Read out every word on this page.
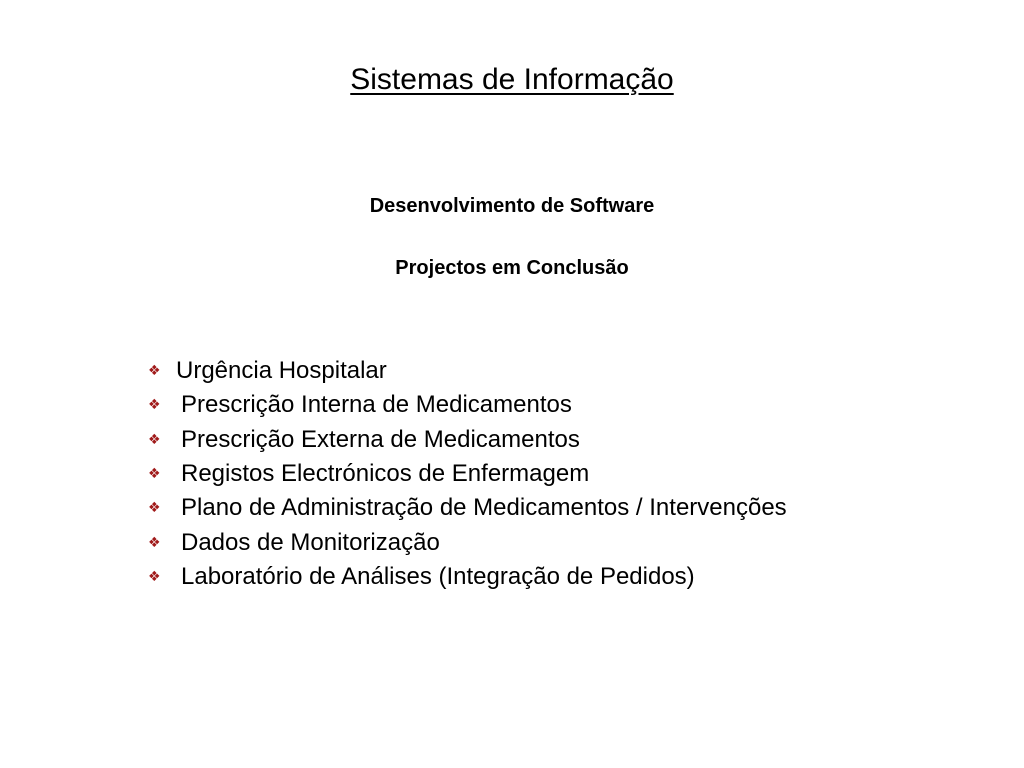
Sistemas de Informação
Desenvolvimento de Software
Projectos em Conclusão
❖ Urgência Hospitalar
❖ Prescrição Interna de Medicamentos
❖ Prescrição Externa de Medicamentos
❖ Registos Electrónicos de Enfermagem
❖ Plano de Administração de Medicamentos / Intervenções
❖ Dados de Monitorização
❖ Laboratório de Análises (Integração de Pedidos)
